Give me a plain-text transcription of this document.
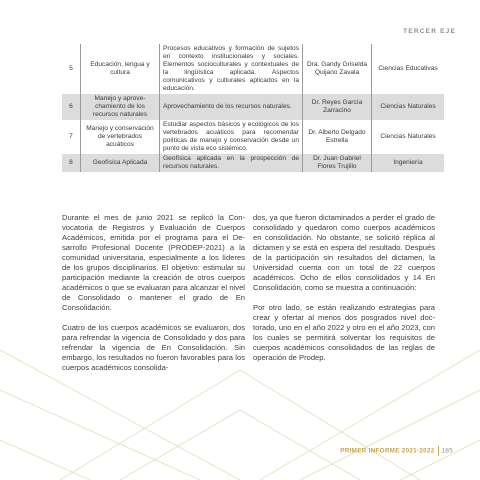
TERCER EJE
5	Educación, lengua y cultura	Procesos educativos y formación de sujetos en contexto institucionales y sociales. Elementos socioculturales y contextuales de la lingüística aplicada. Aspectos comunicativos y culturales aplicados en la educación.	Dra. Gandy Griselda Quijano Zavala	Ciencias Educativas
6	Manejo y aprovechamiento de los recursos naturales	Aprovechamiento de los recursos naturales.	Dr. Reyes García Zarracino	Ciencias Naturales
7	Manejo y conservación de vertebrados acuáticos	Estudiar aspectos básicos y ecológicos de los vertebrados acuáticos para recomendar políticas de manejo y conservación desde un punto de vista eco sistémico.	Dr. Alberto Delgado Estrella	Ciencias Naturales
8	Geofísica Aplicada	Geofísica aplicada en la prospección de recursos naturales.	Dr. Juan Gabriel Flores Trujillo	Ingeniería

Durante el mes de junio 2021 se replicó la Convocatoria de Registros y Evaluación de Cuerpos Académicos, emitida por el programa para el Desarrollo Profesional Docente (PRODEP-2021) a la comunidad universitaria, especialmente a los líderes de los grupos disciplinarios. El objetivo: estimular su participación mediante la creación de otros cuerpos académicos o que se evaluaran para alcanzar el nivel de Consolidado o mantener el grado de En Consolidación.

Cuatro de los cuerpos académicos se evaluaron, dos para refrendar la vigencia de Consolidado y dos para refrendar la vigencia de En Consolidación. Sin embargo, los resultados no fueron favorables para los cuerpos académicos consolida-

dos, ya que fueron dictaminados a perder el grado de consolidado y quedaron como cuerpos académicos en consolidación. No obstante, se solicitó réplica al dictamen y se está en espera del resultado. Después de la participación sin resultados del dictamen, la Universidad cuenta con un total de 22 cuerpos académicos. Ocho de ellos consolidados y 14 En Consolidación, como se muestra a continuación:

Por otro lado, se están realizando estrategias para crear y ofertar al menos dos posgrados nivel doctorado, uno en el año 2022 y otro en el año 2023, con los cuales se permitirá solventar los requisitos de cuerpos académicos consolidados de las reglas de operación de Prodep.

PRIMER INFORME 2021-2022 185
